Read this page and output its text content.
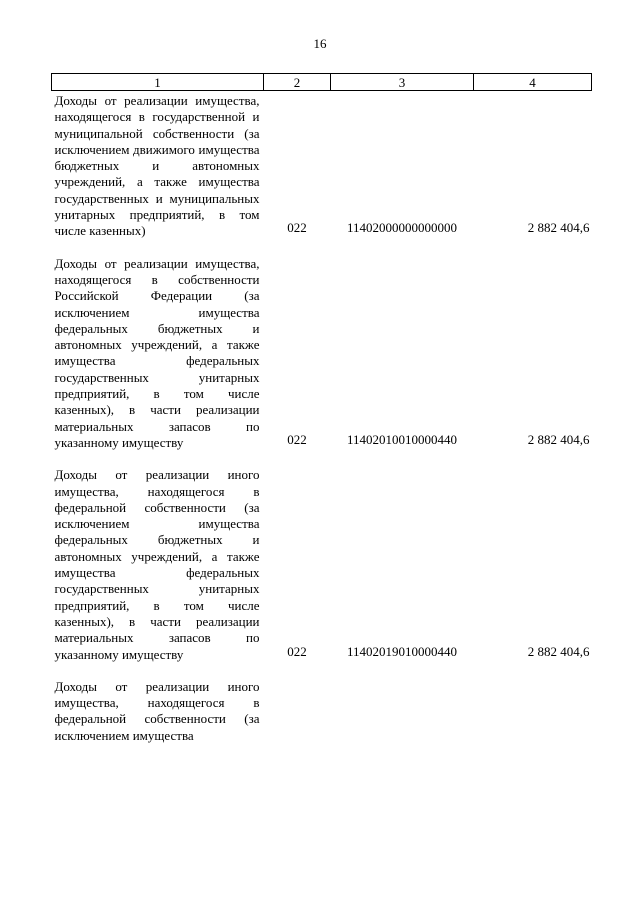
16
1	2	3	4
Доходы от реализации имущества, находящегося в государственной и муниципальной собственности (за исключением движимого имущества бюджетных и автономных учреждений, а также имущества государственных и муниципальных унитарных предприятий, в том числе казенных)	022	11402000000000000	2 882 404,6
Доходы от реализации имущества, находящегося в собственности Российской Федерации (за исключением имущества федеральных бюджетных и автономных учреждений, а также имущества федеральных государственных унитарных предприятий, в том числе казенных), в части реализации материальных запасов по указанному имуществу	022	11402010010000440	2 882 404,6
Доходы от реализации иного имущества, находящегося в федеральной собственности (за исключением имущества федеральных бюджетных и автономных учреждений, а также имущества федеральных государственных унитарных предприятий, в том числе казенных), в части реализации материальных запасов по указанному имуществу	022	11402019010000440	2 882 404,6
Доходы от реализации иного имущества, находящегося в федеральной собственности (за исключением имущества			
